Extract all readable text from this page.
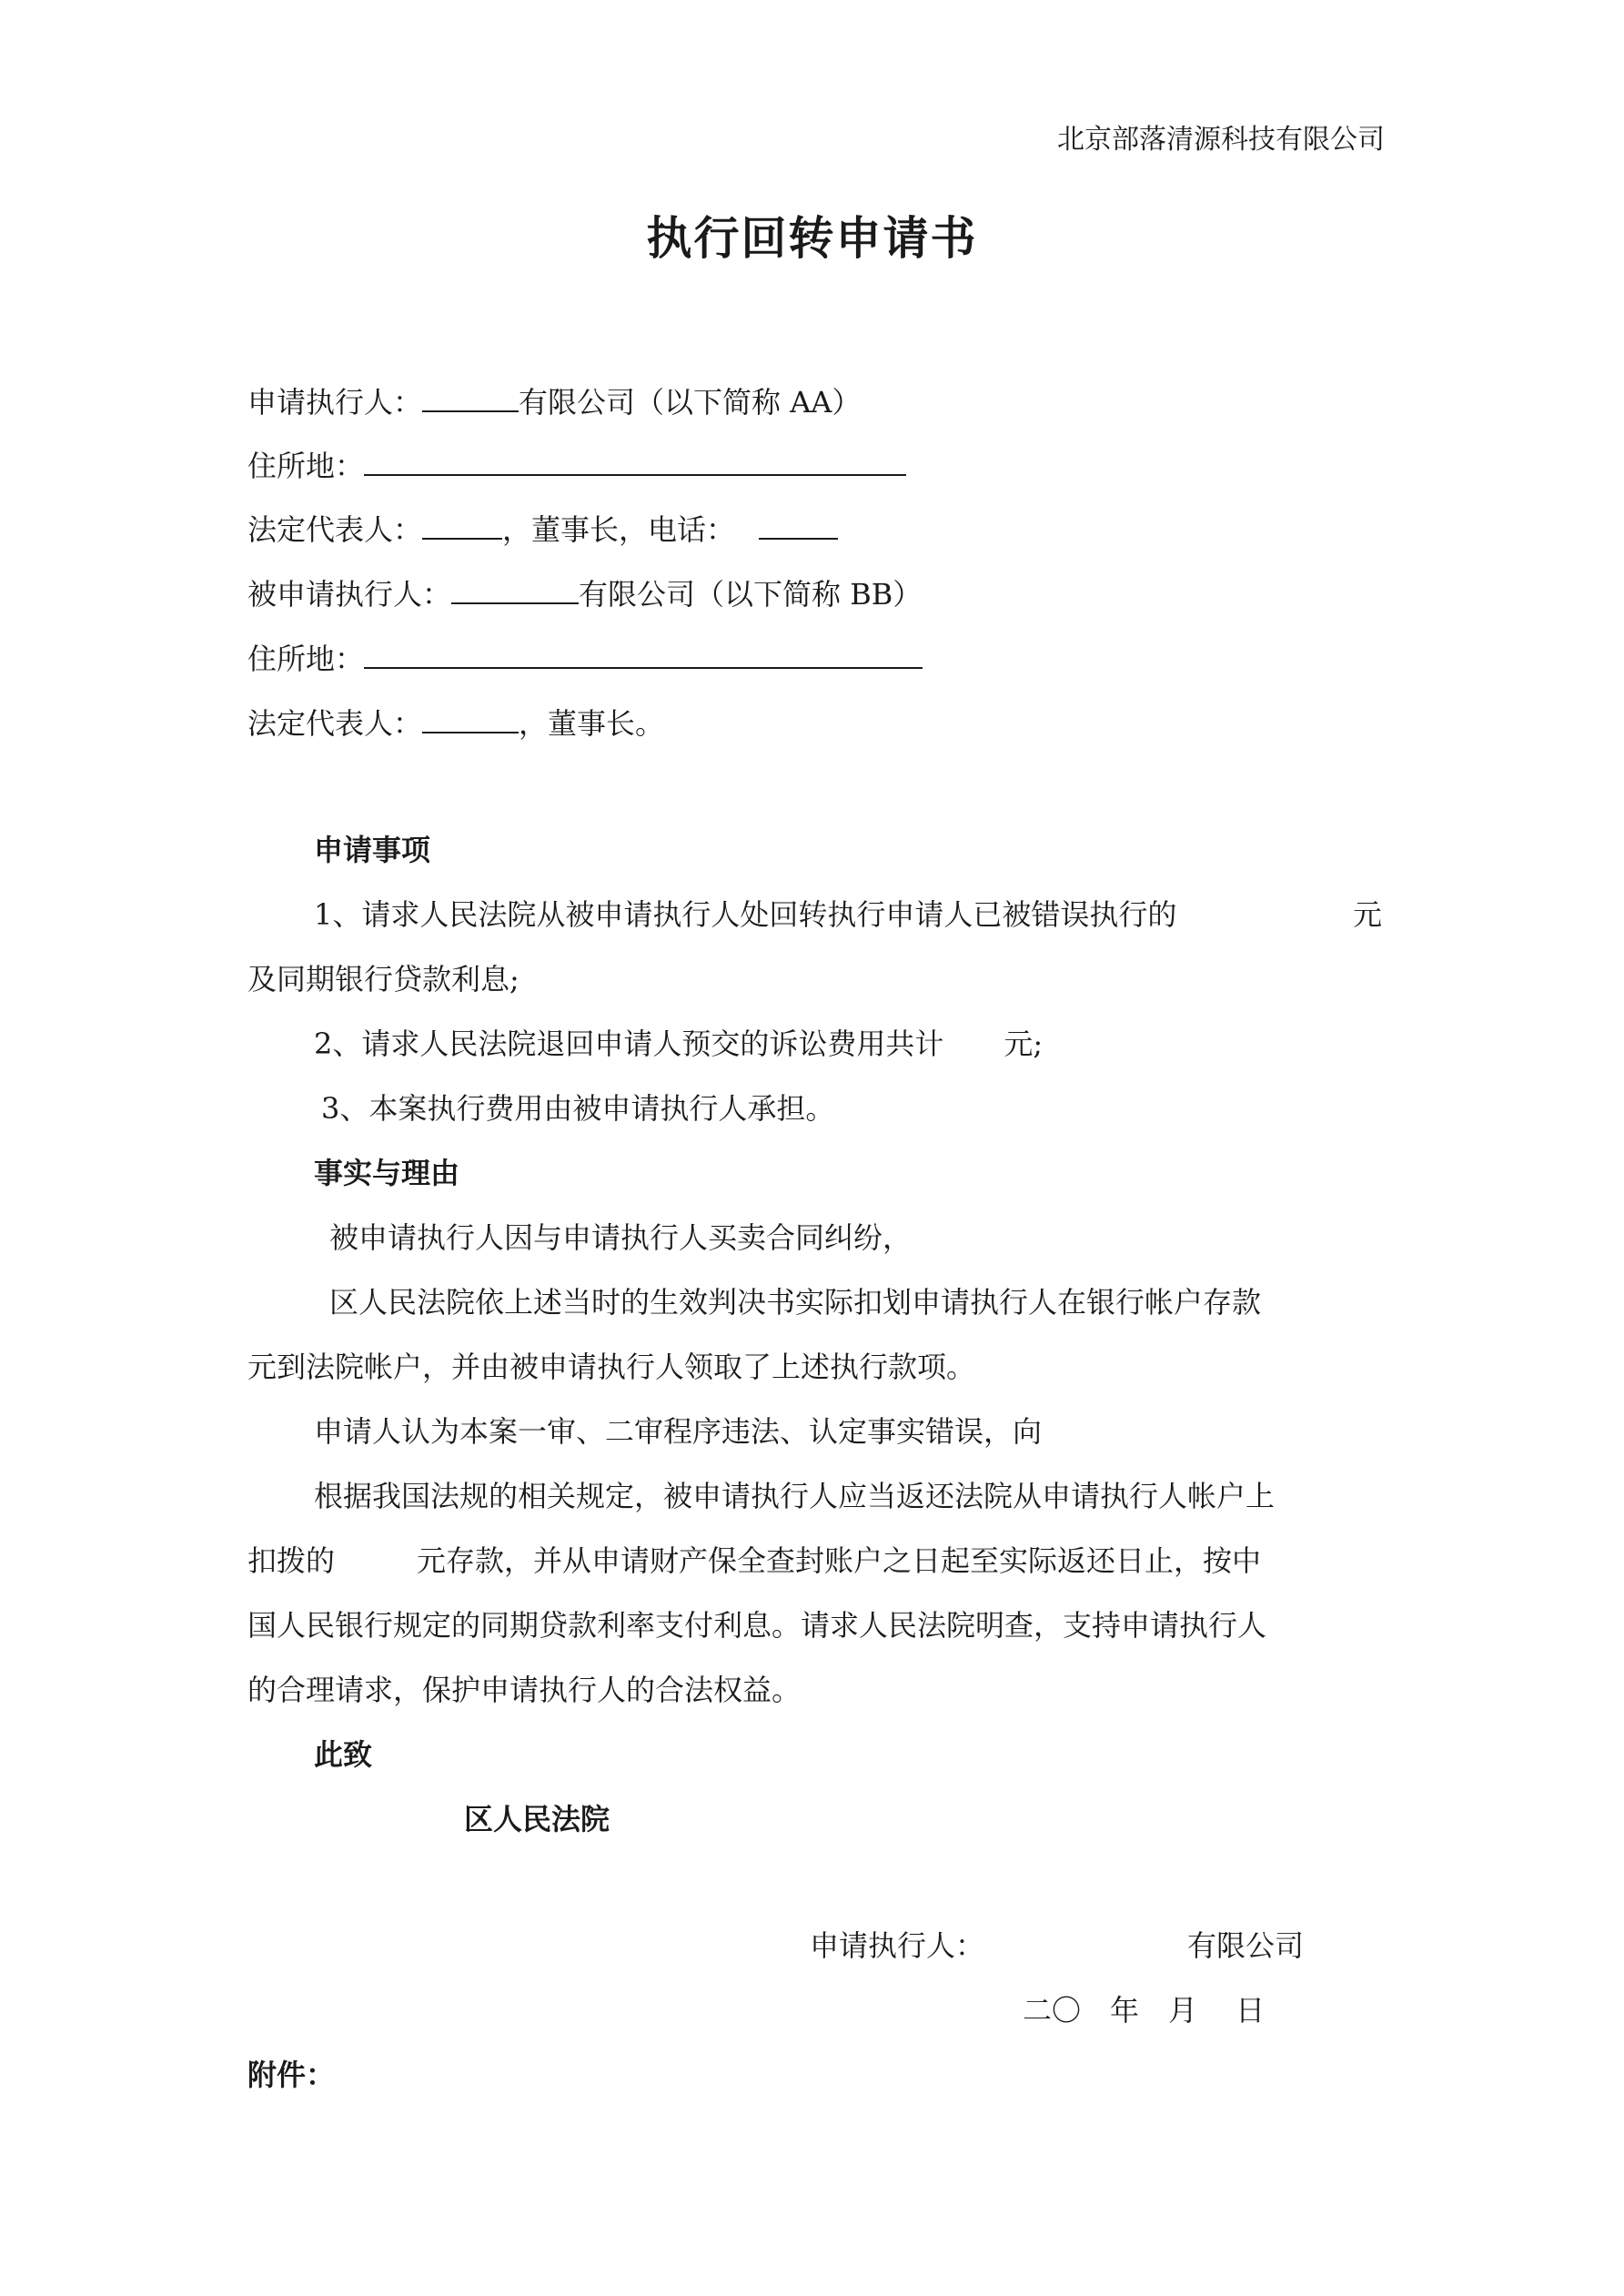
北京部落清源科技有限公司
执行回转申请书
申请执行人：	有限公司（以下简称 AA）
住所地：
法定代表人：	，董事长，电话：
被申请执行人：	有限公司（以下简称 BB）
住所地：
法定代表人：	，董事长。
申请事项
1、请求人民法院从被申请执行人处回转执行申请人已被错误执行的	元
及同期银行贷款利息;
2、请求人民法院退回申请人预交的诉讼费用共计 元;
3、本案执行费用由被申请执行人承担。
事实与理由
被申请执行人因与申请执行人买卖合同纠纷，
区人民法院依上述当时的生效判决书实际扣划申请执行人在银行帐户存款
元到法院帐户，并由被申请执行人领取了上述执行款项。
申请人认为本案一审、二审程序违法、认定事实错误，向
根据我国法规的相关规定，被申请执行人应当返还法院从申请执行人帐户上
扣拨的	元存款，并从申请财产保全查封账户之日起至实际返还日止，按中
国人民银行规定的同期贷款利率支付利息。请求人民法院明查，支持申请执行人
的合理请求，保护申请执行人的合法权益。
此致
区人民法院
申请执行人：	有限公司
二〇　年　月　 日
附件：
